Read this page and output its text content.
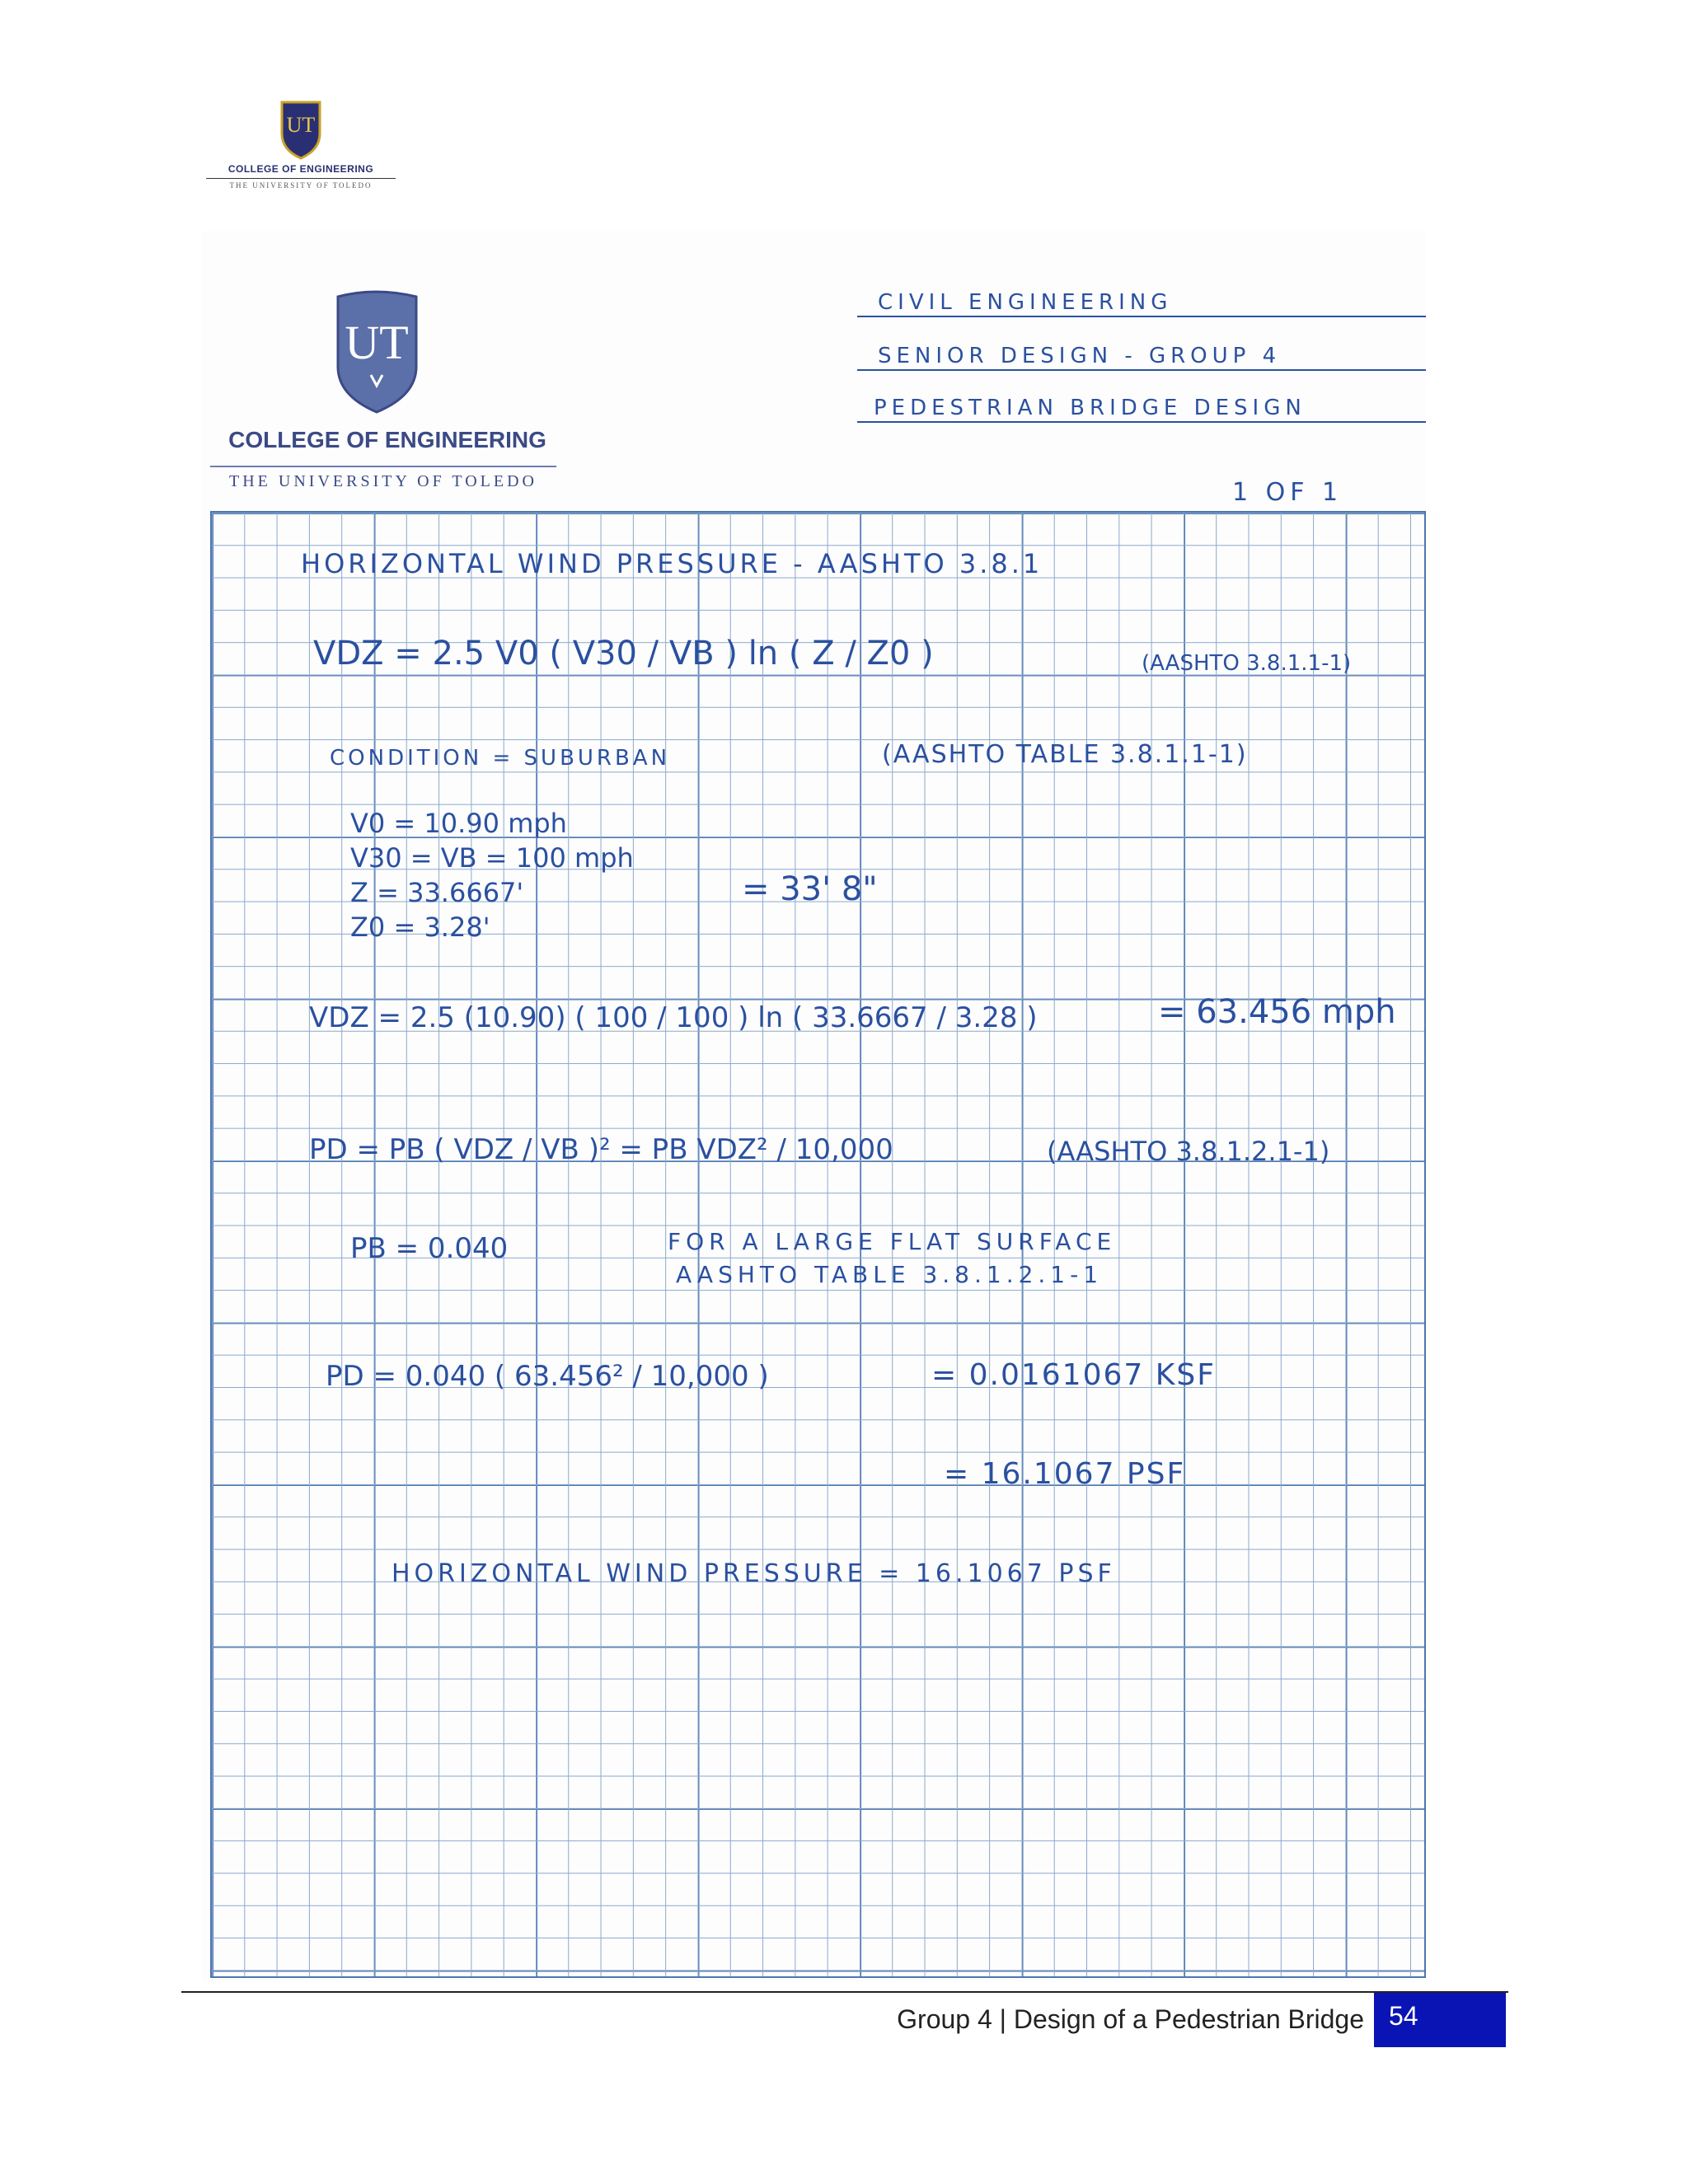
UT
COLLEGE OF ENGINEERING
THE UNIVERSITY OF TOLEDO
UT
COLLEGE OF ENGINEERING
THE UNIVERSITY OF TOLEDO
CIVIL ENGINEERING
SENIOR DESIGN - GROUP 4
PEDESTRIAN BRIDGE DESIGN
1 OF 1
HORIZONTAL WIND PRESSURE - AASHTO 3.8.1
VDZ = 2.5 V0 ( V30 / VB ) ln ( Z / Z0 )	(AASHTO 3.8.1.1-1)
CONDITION = SUBURBAN	(AASHTO TABLE 3.8.1.1-1)
V0 = 10.90 mph
V30 = VB = 100 mph
Z = 33.6667'	= 33' 8"
Z0 = 3.28'
VDZ = 2.5 (10.90) ( 100 / 100 ) ln ( 33.6667 / 3.28 )	= 63.456 mph
PD = PB ( VDZ / VB )² = PB VDZ² / 10,000	(AASHTO 3.8.1.2.1-1)
PB = 0.040	FOR A LARGE FLAT SURFACE
AASHTO TABLE 3.8.1.2.1-1
PD = 0.040 ( 63.456² / 10,000 )	= 0.0161067 KSF
= 16.1067 PSF
HORIZONTAL WIND PRESSURE = 16.1067 PSF
Group 4 | Design of a Pedestrian Bridge 54
